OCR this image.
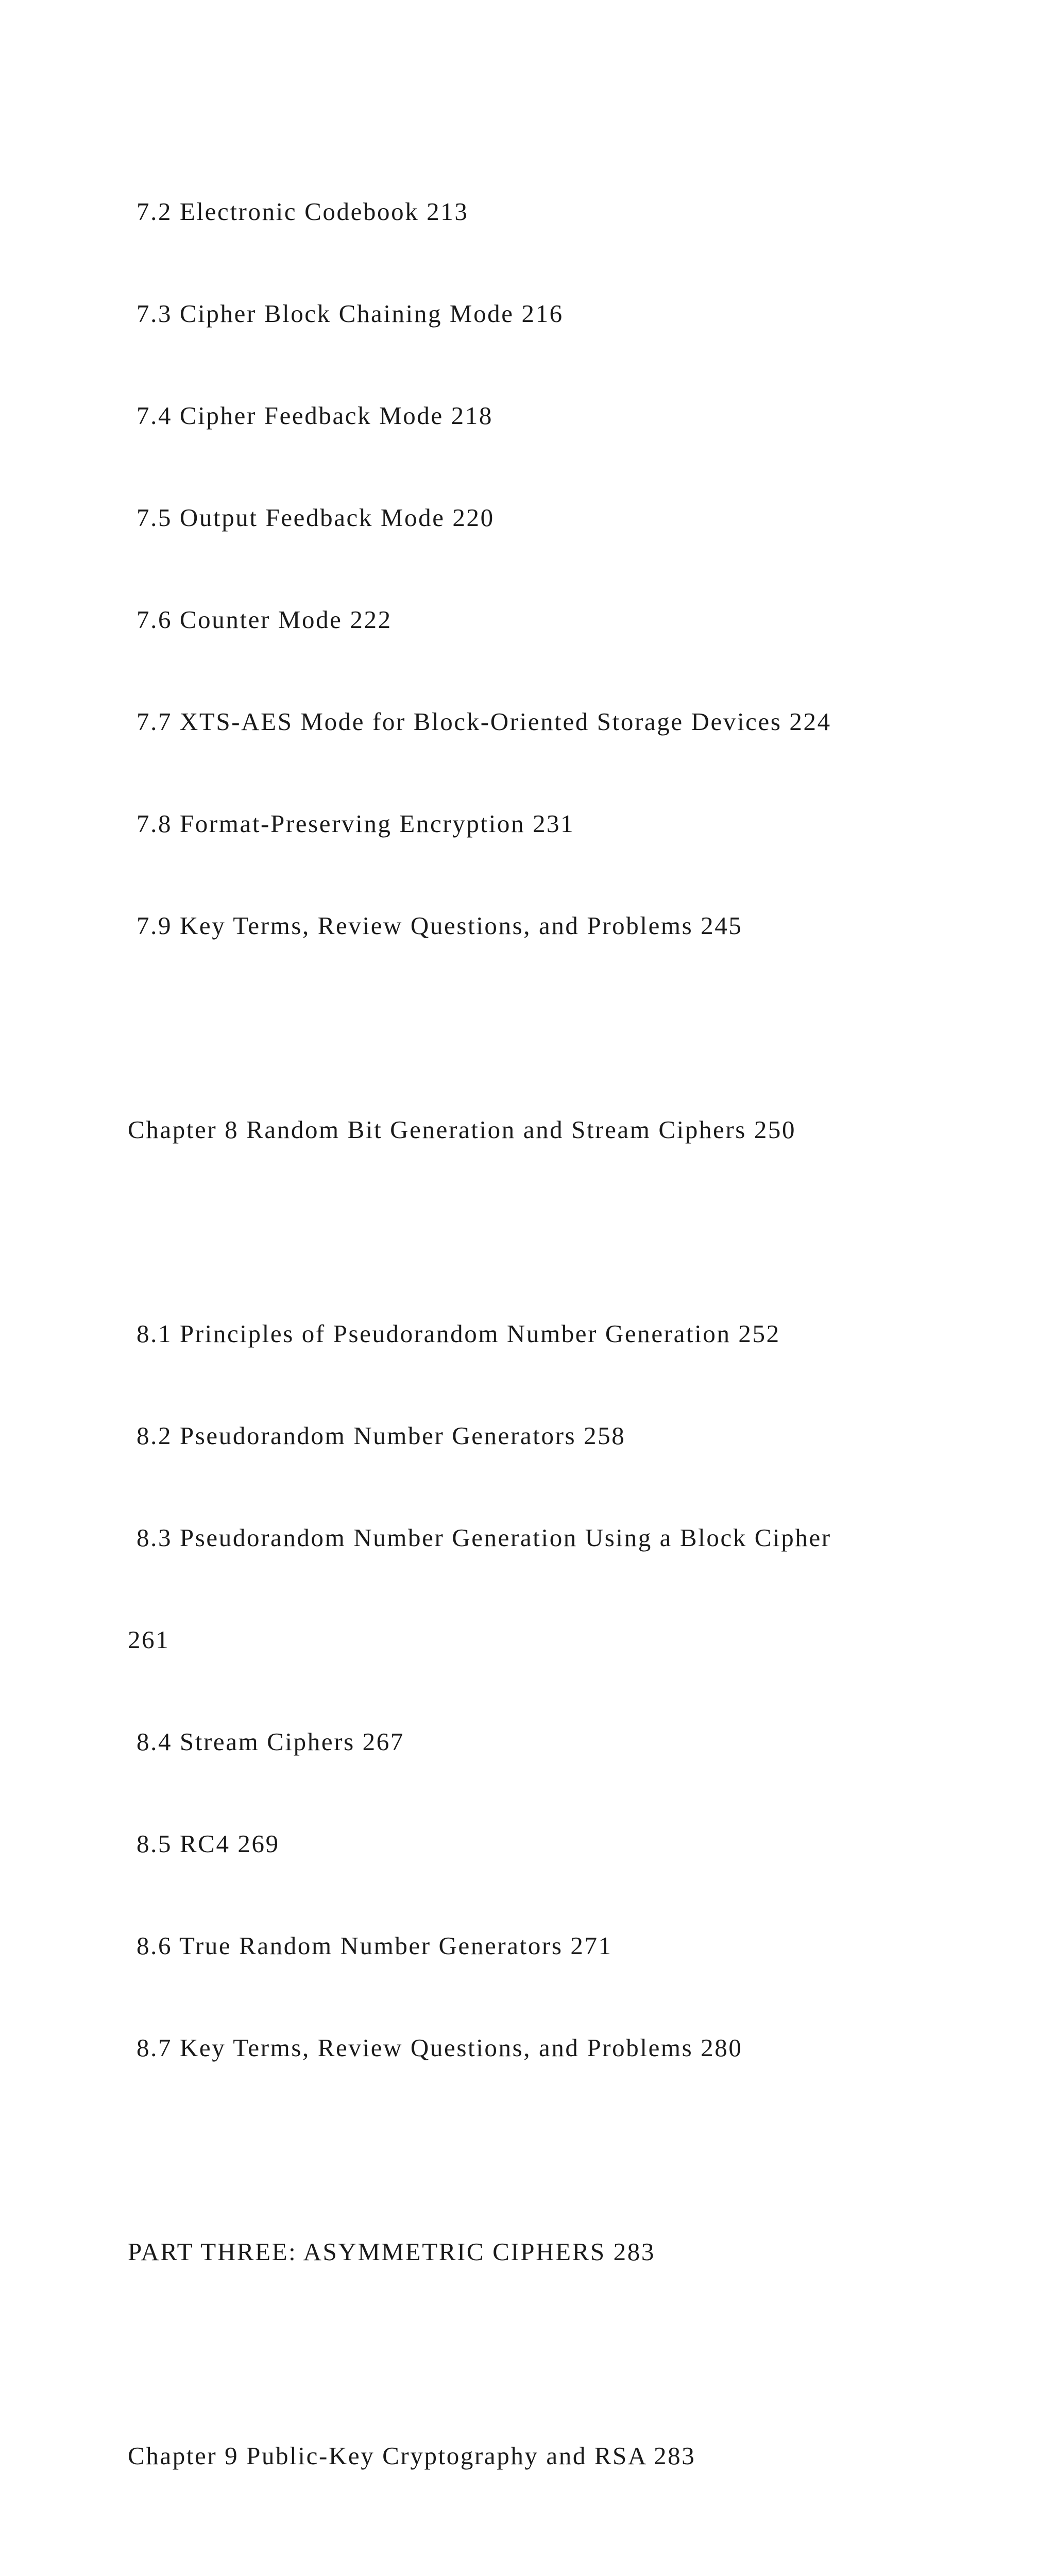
7.2 Electronic Codebook 213

7.3 Cipher Block Chaining Mode 216

7.4 Cipher Feedback Mode 218

7.5 Output Feedback Mode 220

7.6 Counter Mode 222

7.7 XTS-AES Mode for Block-Oriented Storage Devices 224

7.8 Format-Preserving Encryption 231

7.9 Key Terms, Review Questions, and Problems 245

Chapter 8 Random Bit Generation and Stream Ciphers 250

8.1 Principles of Pseudorandom Number Generation 252

8.2 Pseudorandom Number Generators 258

8.3 Pseudorandom Number Generation Using a Block Cipher

261

8.4 Stream Ciphers 267

8.5 RC4 269

8.6 True Random Number Generators 271

8.7 Key Terms, Review Questions, and Problems 280

PART THREE: ASYMMETRIC CIPHERS 283

Chapter 9 Public-Key Cryptography and RSA 283
